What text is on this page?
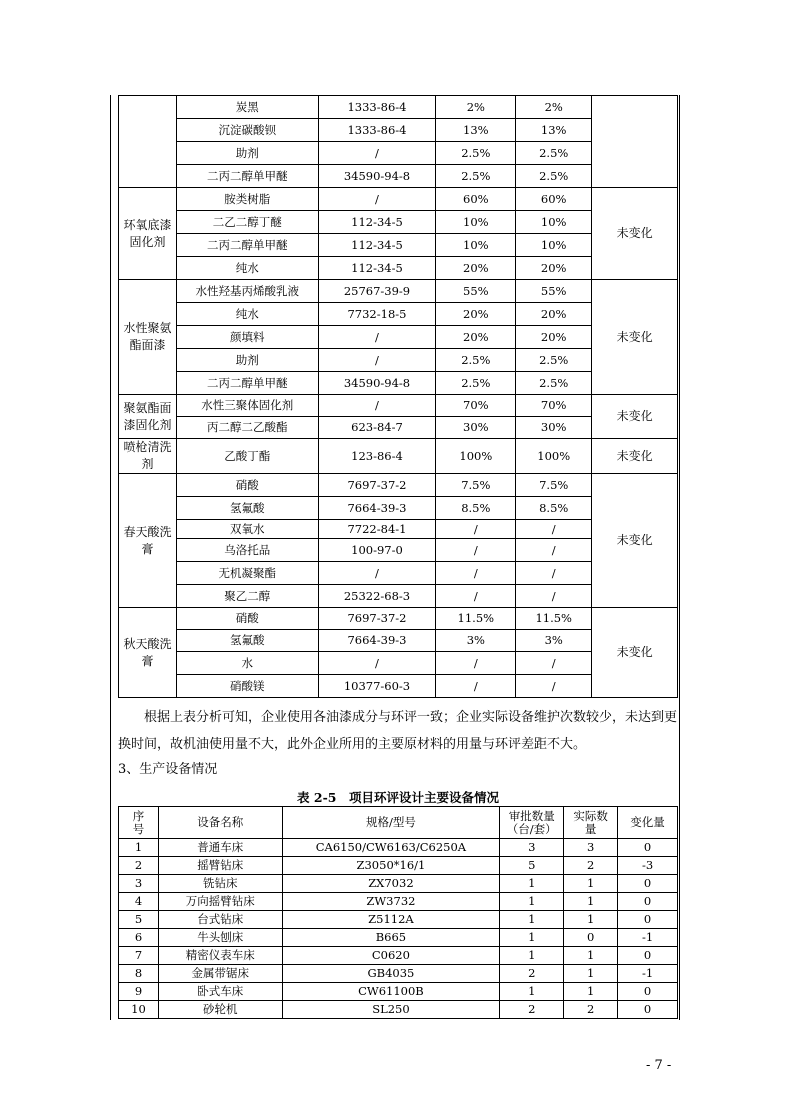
	炭黑	1333-86-4	2%	2%	
	沉淀碳酸钡	1333-86-4	13%	13%	
	助剂	/	2.5%	2.5%	
	二丙二醇单甲醚	34590-94-8	2.5%	2.5%	
环氧底漆固化剂	胺类树脂	/	60%	60%	未变化
	二乙二醇丁醚	112-34-5	10%	10%	
	二丙二醇单甲醚	112-34-5	10%	10%	
	纯水	112-34-5	20%	20%	
水性聚氨酯面漆	水性羟基丙烯酸乳液	25767-39-9	55%	55%	未变化
	纯水	7732-18-5	20%	20%	
	颜填料	/	20%	20%	
	助剂	/	2.5%	2.5%	
	二丙二醇单甲醚	34590-94-8	2.5%	2.5%	
聚氨酯面漆固化剂	水性三聚体固化剂	/	70%	70%	未变化
	丙二醇二乙酸酯	623-84-7	30%	30%	
喷枪清洗剂	乙酸丁酯	123-86-4	100%	100%	未变化
春天酸洗膏	硝酸	7697-37-2	7.5%	7.5%	未变化
	氢氟酸	7664-39-3	8.5%	8.5%	
	双氧水	7722-84-1	/	/	
	乌洛托品	100-97-0	/	/	
	无机凝聚酯	/	/	/	
	聚乙二醇	25322-68-3	/	/	
秋天酸洗膏	硝酸	7697-37-2	11.5%	11.5%	未变化
	氢氟酸	7664-39-3	3%	3%	
	水	/	/	/	
	硝酸镁	10377-60-3	/	/	
根据上表分析可知，企业使用各油漆成分与环评一致；企业实际设备维护次数较少，未达到更换时间，故机油使用量不大，此外企业所用的主要原材料的用量与环评差距不大。
3、生产设备情况
表 2-5　项目环评设计主要设备情况
序号	设备名称	规格/型号	审批数量（台/套）	实际数量	变化量
1	普通车床	CA6150/CW6163/C6250A	3	3	0
2	摇臂钻床	Z3050*16/1	5	2	-3
3	铣钻床	ZX7032	1	1	0
4	万向摇臂钻床	ZW3732	1	1	0
5	台式钻床	Z5112A	1	1	0
6	牛头刨床	B665	1	0	-1
7	精密仪表车床	C0620	1	1	0
8	金属带锯床	GB4035	2	1	-1
9	卧式车床	CW61100B	1	1	0
10	砂轮机	SL250	2	2	0
- 7 -
